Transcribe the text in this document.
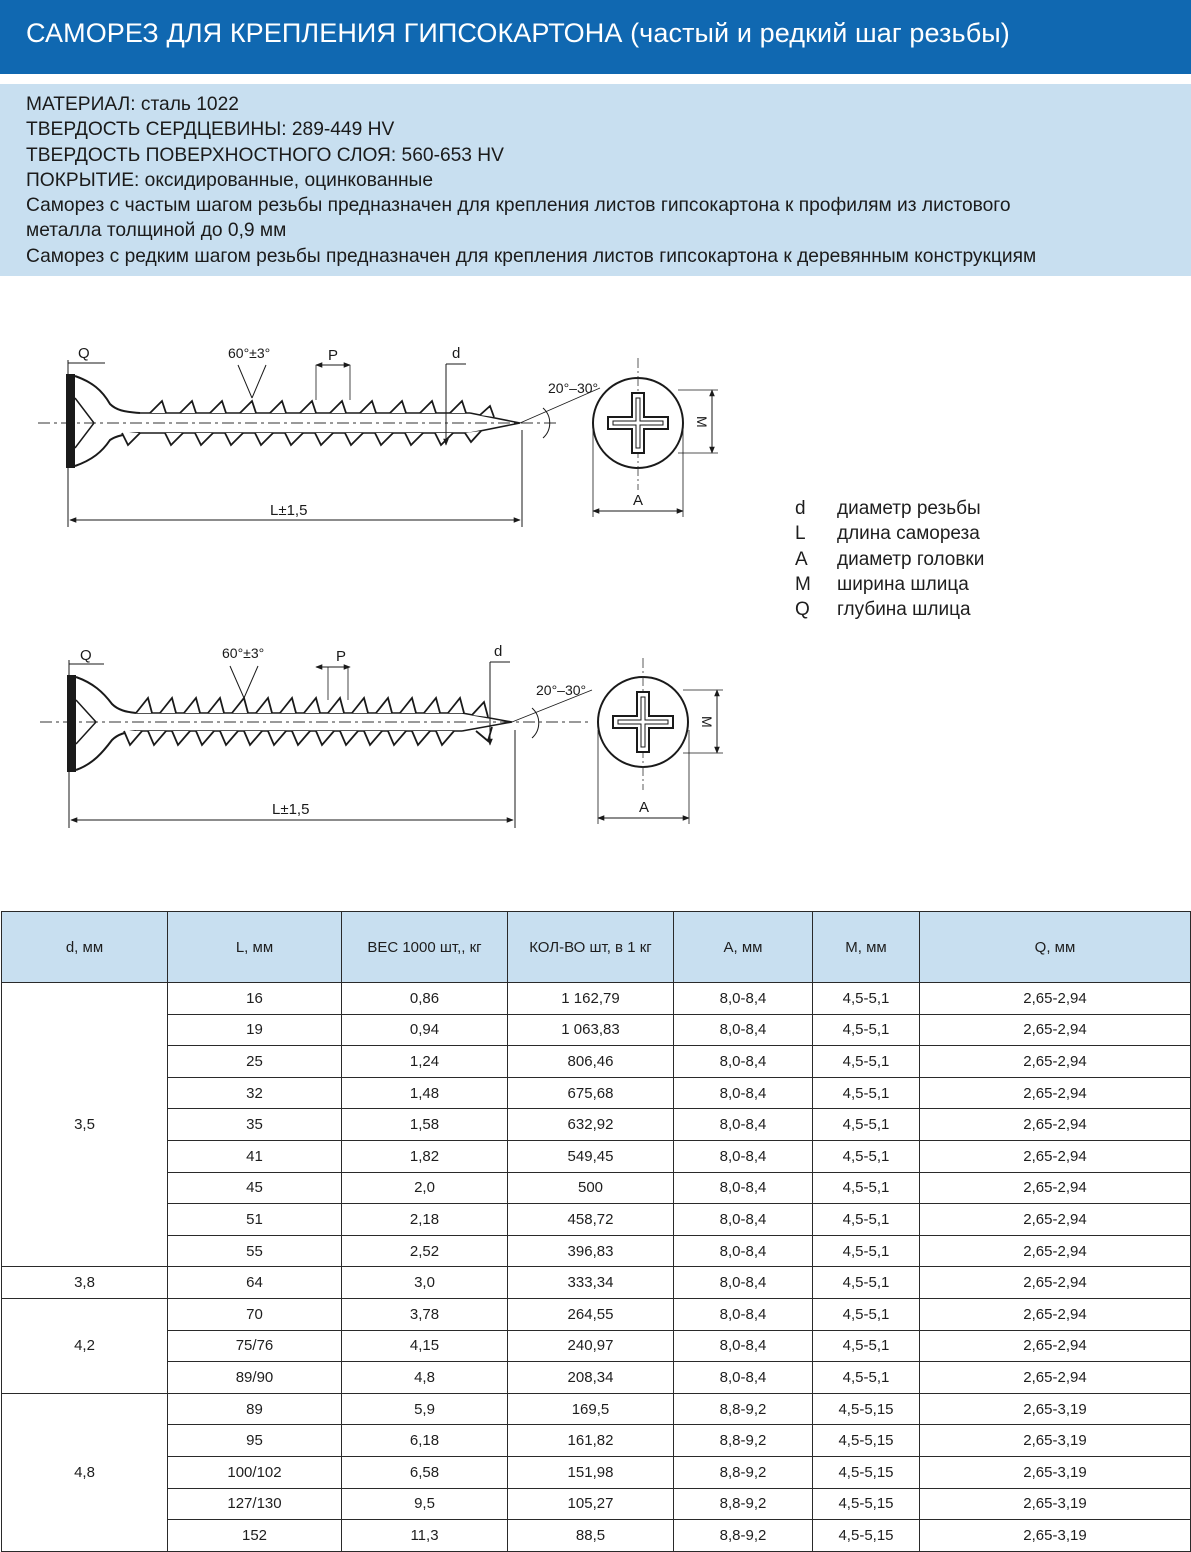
САМОРЕЗ ДЛЯ КРЕПЛЕНИЯ ГИПСОКАРТОНА (частый и редкий шаг резьбы)

МАТЕРИАЛ: сталь 1022

ТВЕРДОСТЬ СЕРДЦЕВИНЫ: 289-449 HV

ТВЕРДОСТЬ ПОВЕРХНОСТНОГО СЛОЯ: 560-653 HV

ПОКРЫТИЕ: оксидированные, оцинкованные

Саморез с частым шагом резьбы предназначен для крепления листов гипсокартона к профилям из листового

металла толщиной до 0,9 мм

Саморез с редким шагом резьбы предназначен для крепления листов гипсокартона к деревянным конструкциям

Q	60°±3°	P	d
20°–30°
L±1,5
M
A
Q	60°±3°	P	d
20°–30°
L±1,5
M
A
d	диаметр резьбы
L	длина самореза
A	диаметр головки
M	ширина шлица
Q	глубина шлица
d, мм	L, мм	ВЕС 1000 шт,, кг	КОЛ-ВО шт, в 1 кг	A, мм	M, мм	Q, мм
3,5	16	0,86	1 162,79	8,0-8,4	4,5-5,1	2,65-2,94
	19	0,94	1 063,83	8,0-8,4	4,5-5,1	2,65-2,94
	25	1,24	806,46	8,0-8,4	4,5-5,1	2,65-2,94
	32	1,48	675,68	8,0-8,4	4,5-5,1	2,65-2,94
	35	1,58	632,92	8,0-8,4	4,5-5,1	2,65-2,94
	41	1,82	549,45	8,0-8,4	4,5-5,1	2,65-2,94
	45	2,0	500	8,0-8,4	4,5-5,1	2,65-2,94
	51	2,18	458,72	8,0-8,4	4,5-5,1	2,65-2,94
	55	2,52	396,83	8,0-8,4	4,5-5,1	2,65-2,94
3,8	64	3,0	333,34	8,0-8,4	4,5-5,1	2,65-2,94
4,2	70	3,78	264,55	8,0-8,4	4,5-5,1	2,65-2,94
	75/76	4,15	240,97	8,0-8,4	4,5-5,1	2,65-2,94
	89/90	4,8	208,34	8,0-8,4	4,5-5,1	2,65-2,94
4,8	89	5,9	169,5	8,8-9,2	4,5-5,15	2,65-3,19
	95	6,18	161,82	8,8-9,2	4,5-5,15	2,65-3,19
	100/102	6,58	151,98	8,8-9,2	4,5-5,15	2,65-3,19
	127/130	9,5	105,27	8,8-9,2	4,5-5,15	2,65-3,19
	152	11,3	88,5	8,8-9,2	4,5-5,15	2,65-3,19
